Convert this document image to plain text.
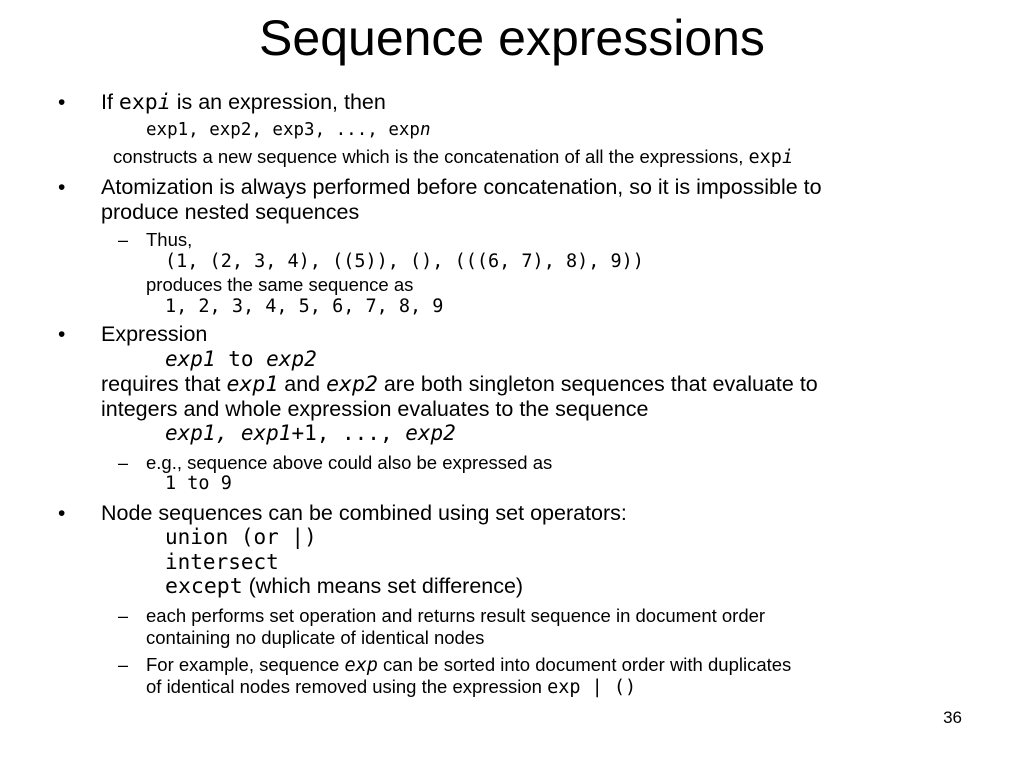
Sequence expressions
• If expi is an expression, then
exp1, exp2, exp3, ..., expn
constructs a new sequence which is the concatenation of all the expressions, expi
• Atomization is always performed before concatenation, so it is impossible to
produce nested sequences
– Thus,
(1, (2, 3, 4), ((5)), (), (((6, 7), 8), 9))
produces the same sequence as
1, 2, 3, 4, 5, 6, 7, 8, 9
• Expression
exp1 to exp2
requires that exp1 and exp2 are both singleton sequences that evaluate to
integers and whole expression evaluates to the sequence
exp1, exp1+1, ..., exp2
– e.g., sequence above could also be expressed as
1 to 9
• Node sequences can be combined using set operators:
union (or |)
intersect
except (which means set difference)
– each performs set operation and returns result sequence in document order
containing no duplicate of identical nodes
– For example, sequence exp can be sorted into document order with duplicates
of identical nodes removed using the expression exp | ()
36
